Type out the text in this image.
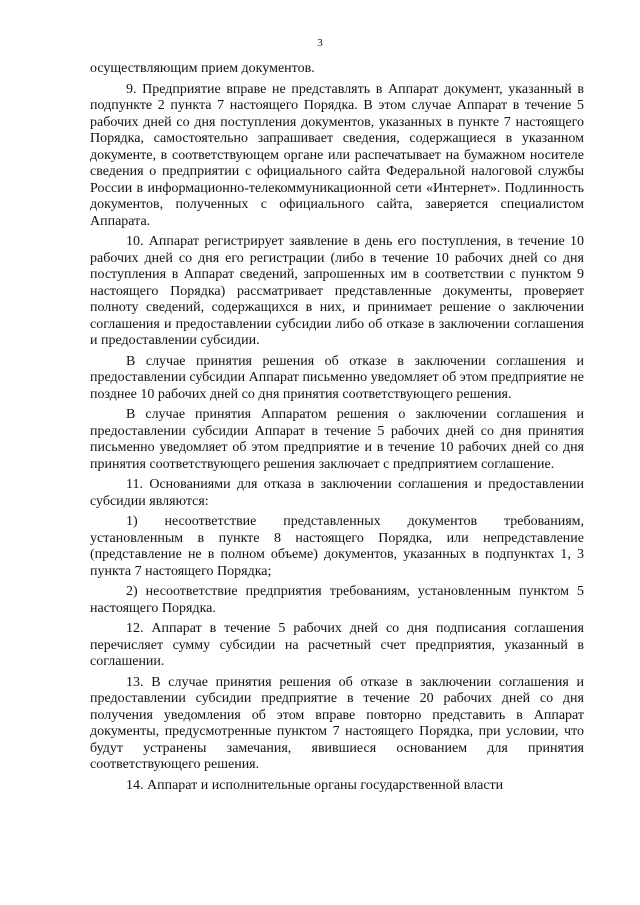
3

осуществляющим прием документов.

9. Предприятие вправе не представлять в Аппарат документ, указанный в подпункте 2 пункта 7 настоящего Порядка. В этом случае Аппарат в течение 5 рабочих дней со дня поступления документов, указанных в пункте 7 настоящего Порядка, самостоятельно запрашивает сведения, содержащиеся в указанном документе, в соответствующем органе или распечатывает на бумажном носителе сведения о предприятии с официального сайта Федеральной налоговой службы России в информационно-телекоммуникационной сети «Интернет». Подлинность документов, полученных с официального сайта, заверяется специалистом Аппарата.

10. Аппарат регистрирует заявление в день его поступления, в течение 10 рабочих дней со дня его регистрации (либо в течение 10 рабочих дней со дня поступления в Аппарат сведений, запрошенных им в соответствии с пунктом 9 настоящего Порядка) рассматривает представленные документы, проверяет полноту сведений, содержащихся в них, и принимает решение о заключении соглашения и предоставлении субсидии либо об отказе в заключении соглашения и предоставлении субсидии.

В случае принятия решения об отказе в заключении соглашения и предоставлении субсидии Аппарат письменно уведомляет об этом предприятие не позднее 10 рабочих дней со дня принятия соответствующего решения.

В случае принятия Аппаратом решения о заключении соглашения и предоставлении субсидии Аппарат в течение 5 рабочих дней со дня принятия письменно уведомляет об этом предприятие и в течение 10 рабочих дней со дня принятия соответствующего решения заключает с предприятием соглашение.

11. Основаниями для отказа в заключении соглашения и предоставлении субсидии являются:

1) несоответствие представленных документов требованиям, установленным в пункте 8 настоящего Порядка, или непредставление (представление не в полном объеме) документов, указанных в подпунктах 1, 3 пункта 7 настоящего Порядка;

2) несоответствие предприятия требованиям, установленным пунктом 5 настоящего Порядка.

12. Аппарат в течение 5 рабочих дней со дня подписания соглашения перечисляет сумму субсидии на расчетный счет предприятия, указанный в соглашении.

13. В случае принятия решения об отказе в заключении соглашения и предоставлении субсидии предприятие в течение 20 рабочих дней со дня получения уведомления об этом вправе повторно представить в Аппарат документы, предусмотренные пунктом 7 настоящего Порядка, при условии, что будут устранены замечания, явившиеся основанием для принятия соответствующего решения.

14. Аппарат и исполнительные органы государственной власти
